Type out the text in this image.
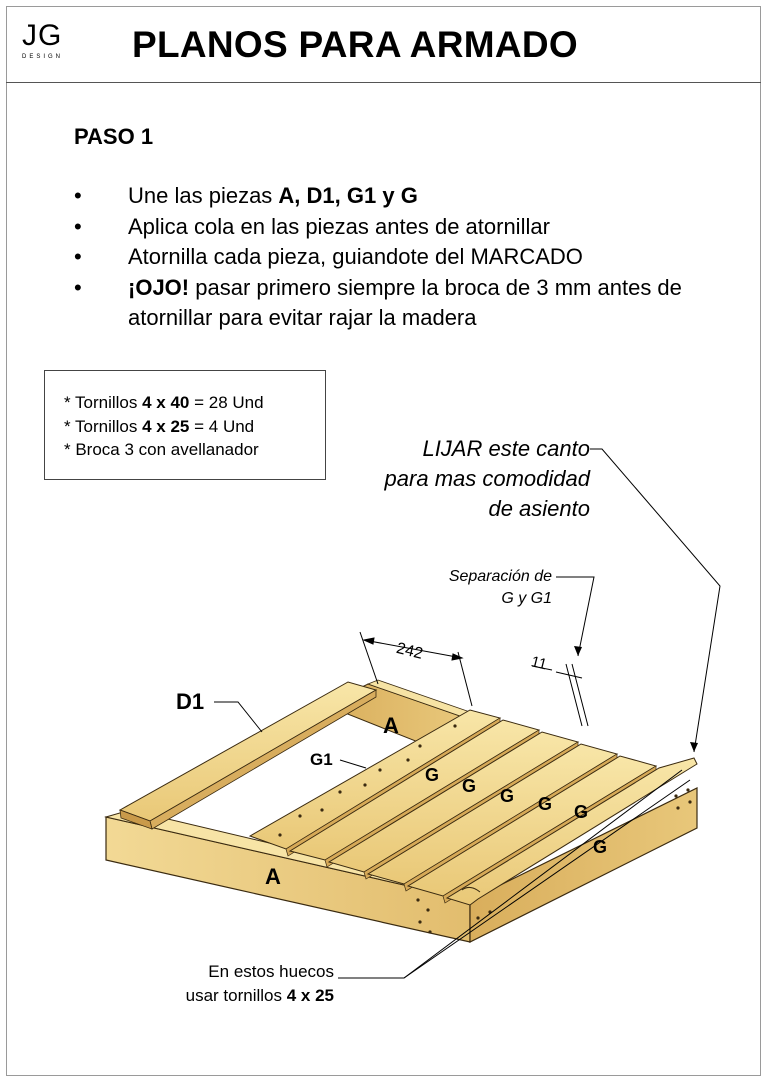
JG
DESIGN PLANOS PARA ARMADO
PASO 1
• Une las piezas A, D1, G1 y G
• Aplica cola en las piezas antes de atornillar
• Atornilla cada pieza, guiandote del MARCADO
• ¡OJO! pasar primero siempre la broca de 3 mm antes de atornillar para evitar rajar la madera
* Tornillos 4 x 40 = 28 Und
* Tornillos 4 x 25 = 4 Und
* Broca 3 con avellanador
242
11
D1
A
G1
A
G
G G G G
G
LIJAR este canto
para mas comodidad
de asiento
Separación de
G y G1
En estos huecos
usar tornillos 4 x 25
